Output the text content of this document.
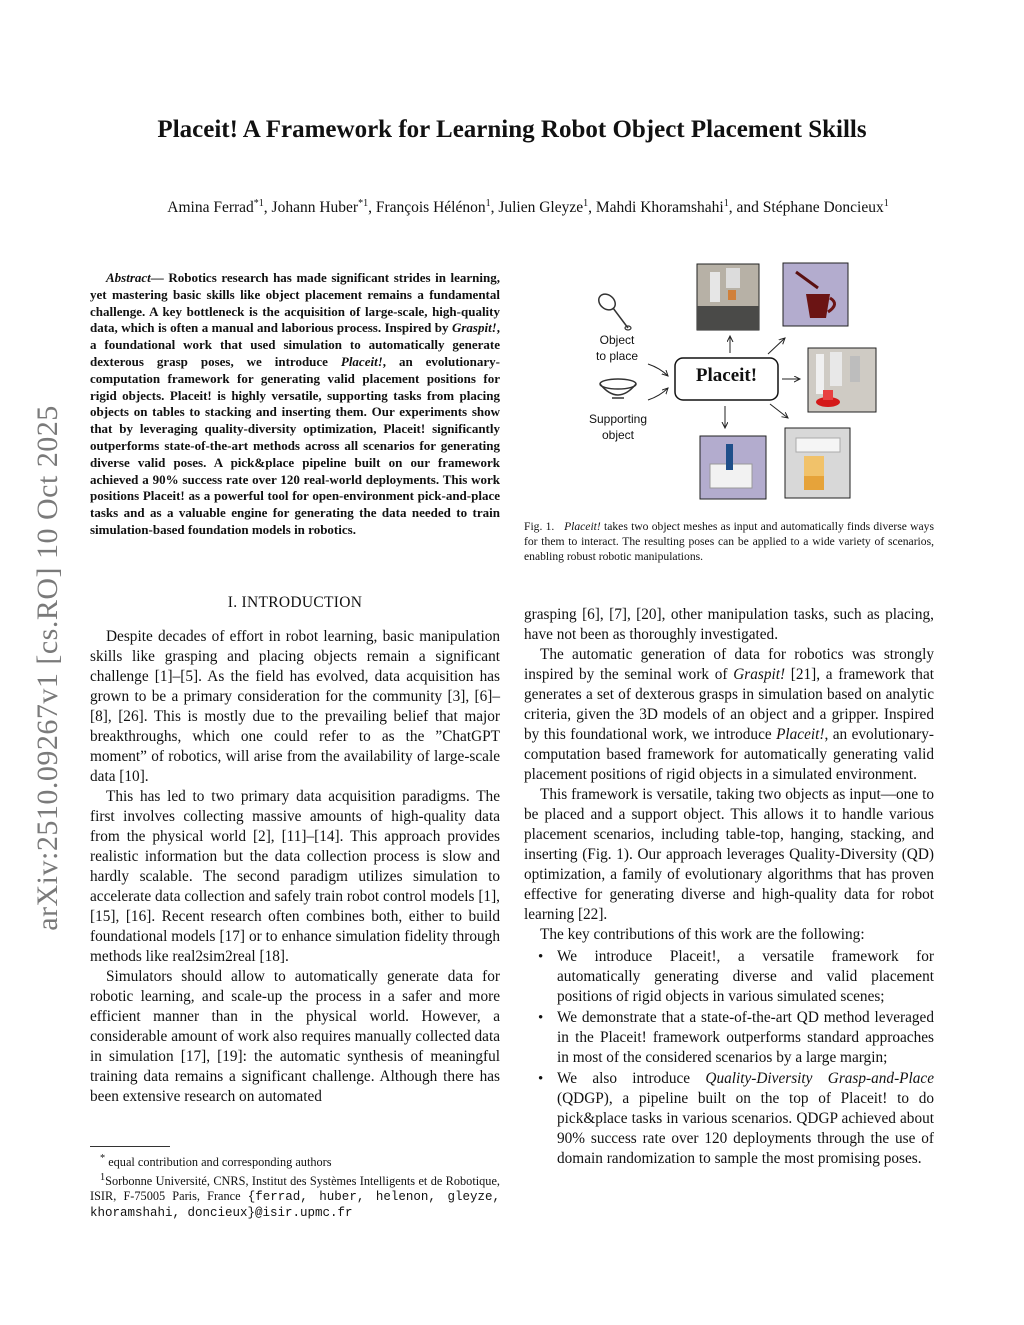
arXiv:2510.09267v1 [cs.RO] 10 Oct 2025
Placeit! A Framework for Learning Robot Object Placement Skills
Amina Ferrad$^{*1}$, Johann Huber$^{*1}$, François Hélénon$^1$, Julien Gleyze$^1$, Mahdi Khoramshahi$^1$, and Stéphane Doncieux$^1$
Abstract— Robotics research has made significant strides in learning, yet mastering basic skills like object placement remains a fundamental challenge. A key bottleneck is the acquisition of large-scale, high-quality data, which is often a manual and laborious process. Inspired by Graspit!, a foundational work that used simulation to automatically generate dexterous grasp poses, we introduce Placeit!, an evolutionary-computation framework for generating valid placement positions for rigid objects. Placeit! is highly versatile, supporting tasks from placing objects on tables to stacking and inserting them. Our experiments show that by leveraging quality-diversity optimization, Placeit! significantly outperforms state-of-the-art methods across all scenarios for generating diverse valid poses. A pick&place pipeline built on our framework achieved a 90% success rate over 120 real-world deployments. This work positions Placeit! as a powerful tool for open-environment pick-and-place tasks and as a valuable engine for generating the data needed to train simulation-based foundation models in robotics.
I. INTRODUCTION

Despite decades of effort in robot learning, basic manipulation skills like grasping and placing objects remain a significant challenge [1]–[5]. As the field has evolved, data acquisition has grown to be a primary consideration for the community [3], [6]–[8], [26]. This is mostly due to the prevailing belief that major breakthroughs, which one could refer to as the ”ChatGPT moment” of robotics, will arise from the availability of large-scale data [10].

This has led to two primary data acquisition paradigms. The first involves collecting massive amounts of high-quality data from the physical world [2], [11]–[14]. This approach provides realistic information but the data collection process is slow and hardly scalable. The second paradigm utilizes simulation to accelerate data collection and safely train robot control models [1], [15], [16]. Recent research often combines both, either to build foundational models [17] or to enhance simulation fidelity through methods like real2sim2real [18].

Simulators should allow to automatically generate data for robotic learning, and scale-up the process in a safer and more efficient manner than in the physical world. However, a considerable amount of work also requires manually collected data in simulation [17], [19]: the automatic synthesis of meaningful training data remains a significant challenge. Although there has been extensive research on automated

* equal contribution and corresponding authors
$^1$Sorbonne Université, CNRS, Institut des Systèmes Intelligents et de Robotique, ISIR, F-75005 Paris, France {ferrad, huber, helenon, gleyze, khoramshahi, doncieux}@isir.upmc.fr
Placeit!
Object
to place
Supporting
object
Fig. 1. Placeit! takes two object meshes as input and automatically finds diverse ways for them to interact. The resulting poses can be applied to a wide variety of scenarios, enabling robust robotic manipulations.

grasping [6], [7], [20], other manipulation tasks, such as placing, have not been as thoroughly investigated.

The automatic generation of data for robotics was strongly inspired by the seminal work of Graspit! [21], a framework that generates a set of dexterous grasps in simulation based on analytic criteria, given the 3D models of an object and a gripper. Inspired by this foundational work, we introduce Placeit!, an evolutionary-computation based framework for automatically generating valid placement positions of rigid objects in a simulated environment.

This framework is versatile, taking two objects as input—one to be placed and a support object. This allows it to handle various placement scenarios, including table-top, hanging, stacking, and inserting (Fig. 1). Our approach leverages Quality-Diversity (QD) optimization, a family of evolutionary algorithms that has proven effective for generating diverse and high-quality data for robot learning [22].

The key contributions of this work are the following:

• We introduce Placeit!, a versatile framework for automatically generating diverse and valid placement positions of rigid objects in various simulated scenes;
• We demonstrate that a state-of-the-art QD method leveraged in the Placeit! framework outperforms standard approaches in most of the considered scenarios by a large margin;
• We also introduce Quality-Diversity Grasp-and-Place (QDGP), a pipeline built on the top of Placeit! to do pick&place tasks in various scenarios. QDGP achieved about 90% success rate over 120 deployments through the use of domain randomization to sample the most promising poses.
